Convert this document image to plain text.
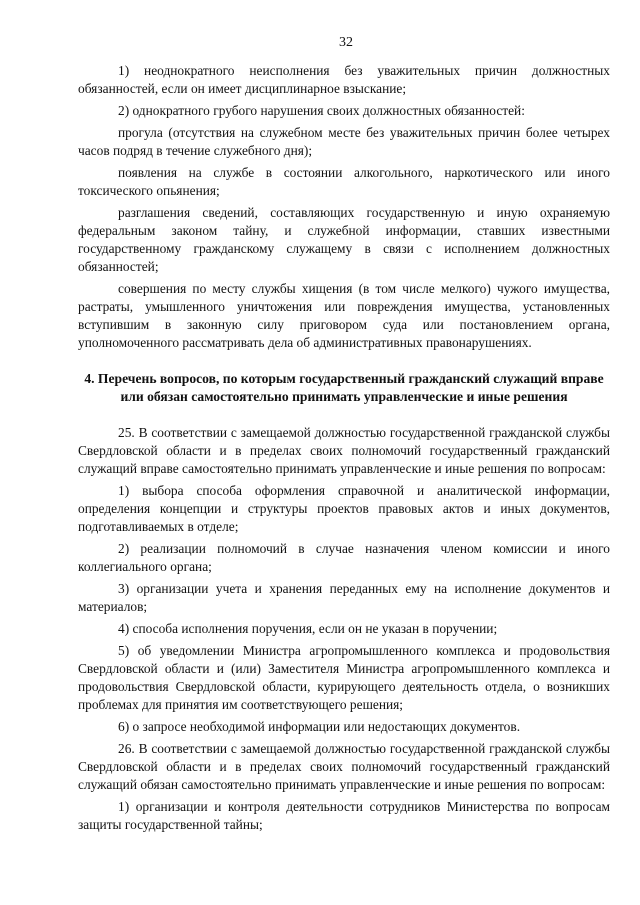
32

1) неоднократного неисполнения без уважительных причин должностных обязанностей, если он имеет дисциплинарное взыскание;

2) однократного грубого нарушения своих должностных обязанностей:

прогула (отсутствия на служебном месте без уважительных причин более четырех часов подряд в течение служебного дня);

появления на службе в состоянии алкогольного, наркотического или иного токсического опьянения;

разглашения сведений, составляющих государственную и иную охраняемую федеральным законом тайну, и служебной информации, ставших известными государственному гражданскому служащему в связи с исполнением должностных обязанностей;

совершения по месту службы хищения (в том числе мелкого) чужого имущества, растраты, умышленного уничтожения или повреждения имущества, установленных вступившим в законную силу приговором суда или постановлением органа, уполномоченного рассматривать дела об административных правонарушениях.

4. Перечень вопросов, по которым государственный гражданский служащий вправе или обязан самостоятельно принимать управленческие и иные решения

25. В соответствии с замещаемой должностью государственной гражданской службы Свердловской области и в пределах своих полномочий государственный гражданский служащий вправе самостоятельно принимать управленческие и иные решения по вопросам:

1) выбора способа оформления справочной и аналитической информации, определения концепции и структуры проектов правовых актов и иных документов, подготавливаемых в отделе;

2) реализации полномочий в случае назначения членом комиссии и иного коллегиального органа;

3) организации учета и хранения переданных ему на исполнение документов и материалов;

4) способа исполнения поручения, если он не указан в поручении;

5) об уведомлении Министра агропромышленного комплекса и продовольствия Свердловской области и (или) Заместителя Министра агропромышленного комплекса и продовольствия Свердловской области, курирующего деятельность отдела, о возникших проблемах для принятия им соответствующего решения;

6) о запросе необходимой информации или недостающих документов.

26. В соответствии с замещаемой должностью государственной гражданской службы Свердловской области и в пределах своих полномочий государственный гражданский служащий обязан самостоятельно принимать управленческие и иные решения по вопросам:

1) организации и контроля деятельности сотрудников Министерства по вопросам защиты государственной тайны;
